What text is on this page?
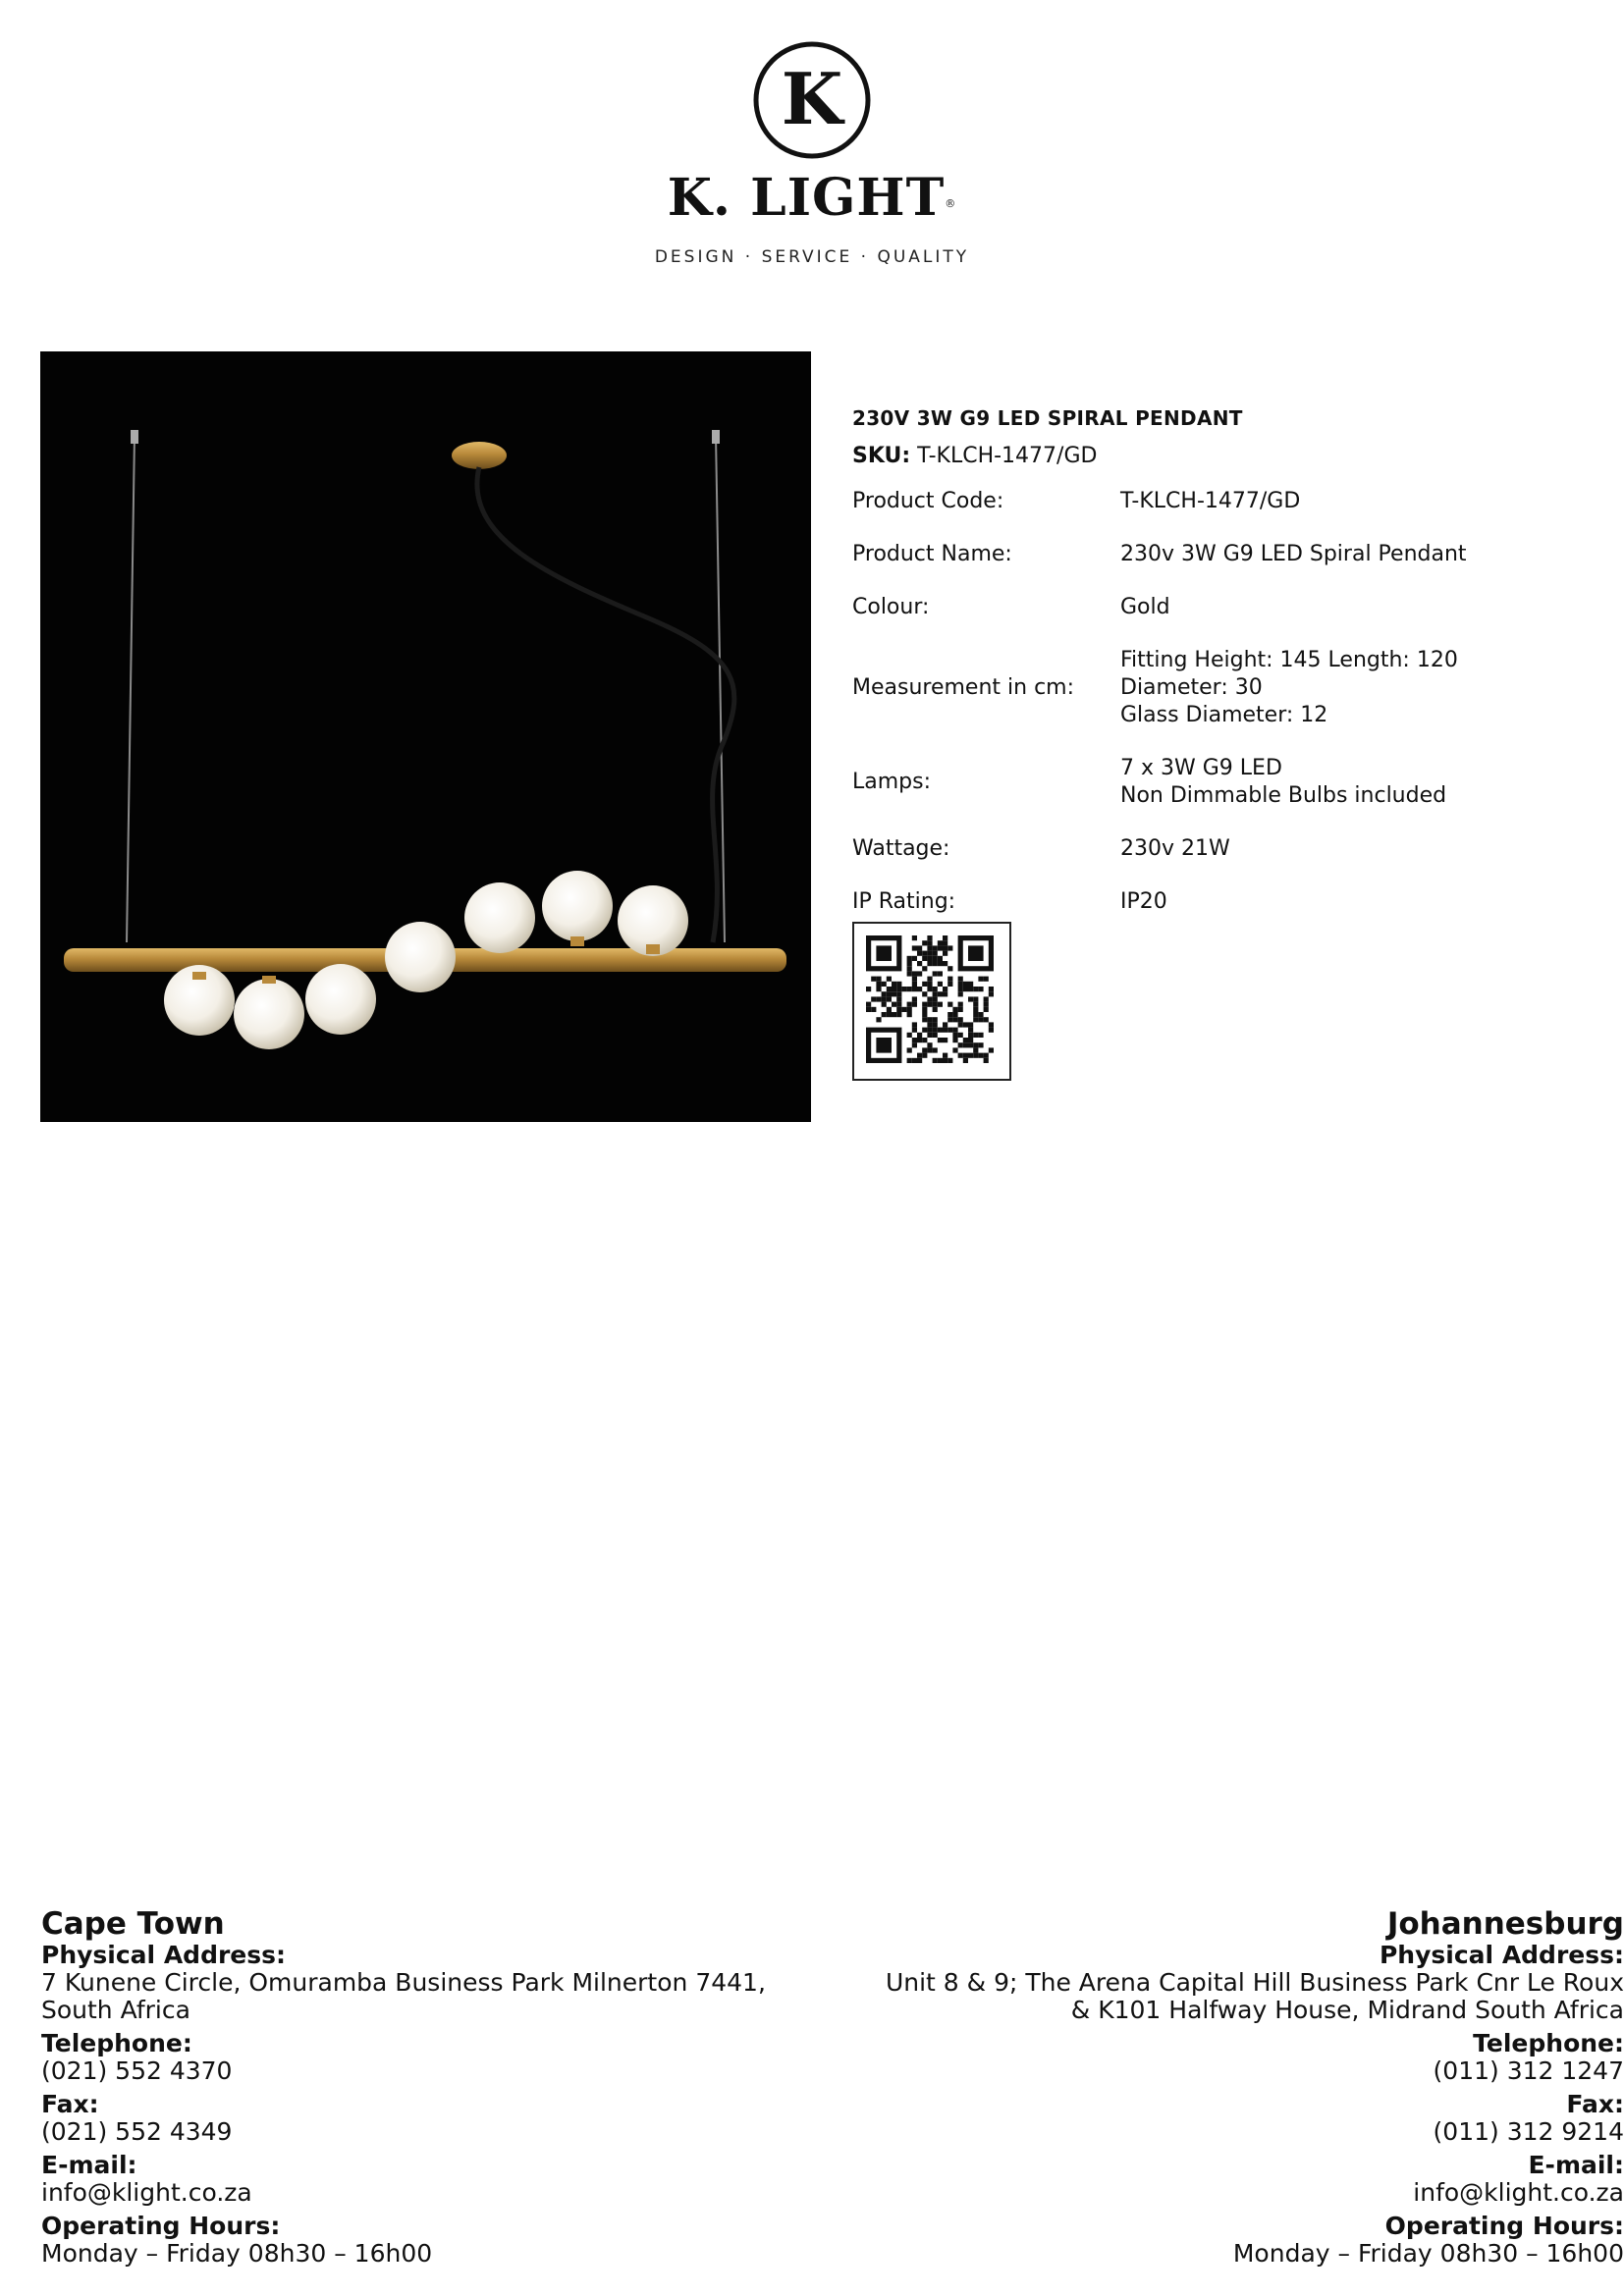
K
K. LIGHT®
DESIGN · SERVICE · QUALITY
230V 3W G9 LED SPIRAL PENDANT
SKU: T-KLCH-1477/GD
Product Code:	T-KLCH-1477/GD

Product Name:	230v 3W G9 LED Spiral Pendant

Colour:	Gold

Measurement in cm:	Fitting Height: 145 Length: 120
Diameter: 30
Glass Diameter: 12

Lamps:	7 x 3W G9 LED
Non Dimmable Bulbs included

Wattage:	230v 21W

IP Rating:	IP20
Cape Town
Physical Address:
7 Kunene Circle, Omuramba Business Park Milnerton 7441,
South Africa
Telephone:
(021) 552 4370
Fax:
(021) 552 4349
E-mail:
info@klight.co.za
Operating Hours:
Monday – Friday 08h30 – 16h00
Johannesburg
Physical Address:
Unit 8 & 9; The Arena Capital Hill Business Park Cnr Le Roux
& K101 Halfway House, Midrand South Africa
Telephone:
(011) 312 1247
Fax:
(011) 312 9214
E-mail:
info@klight.co.za
Operating Hours:
Monday – Friday 08h30 – 16h00
